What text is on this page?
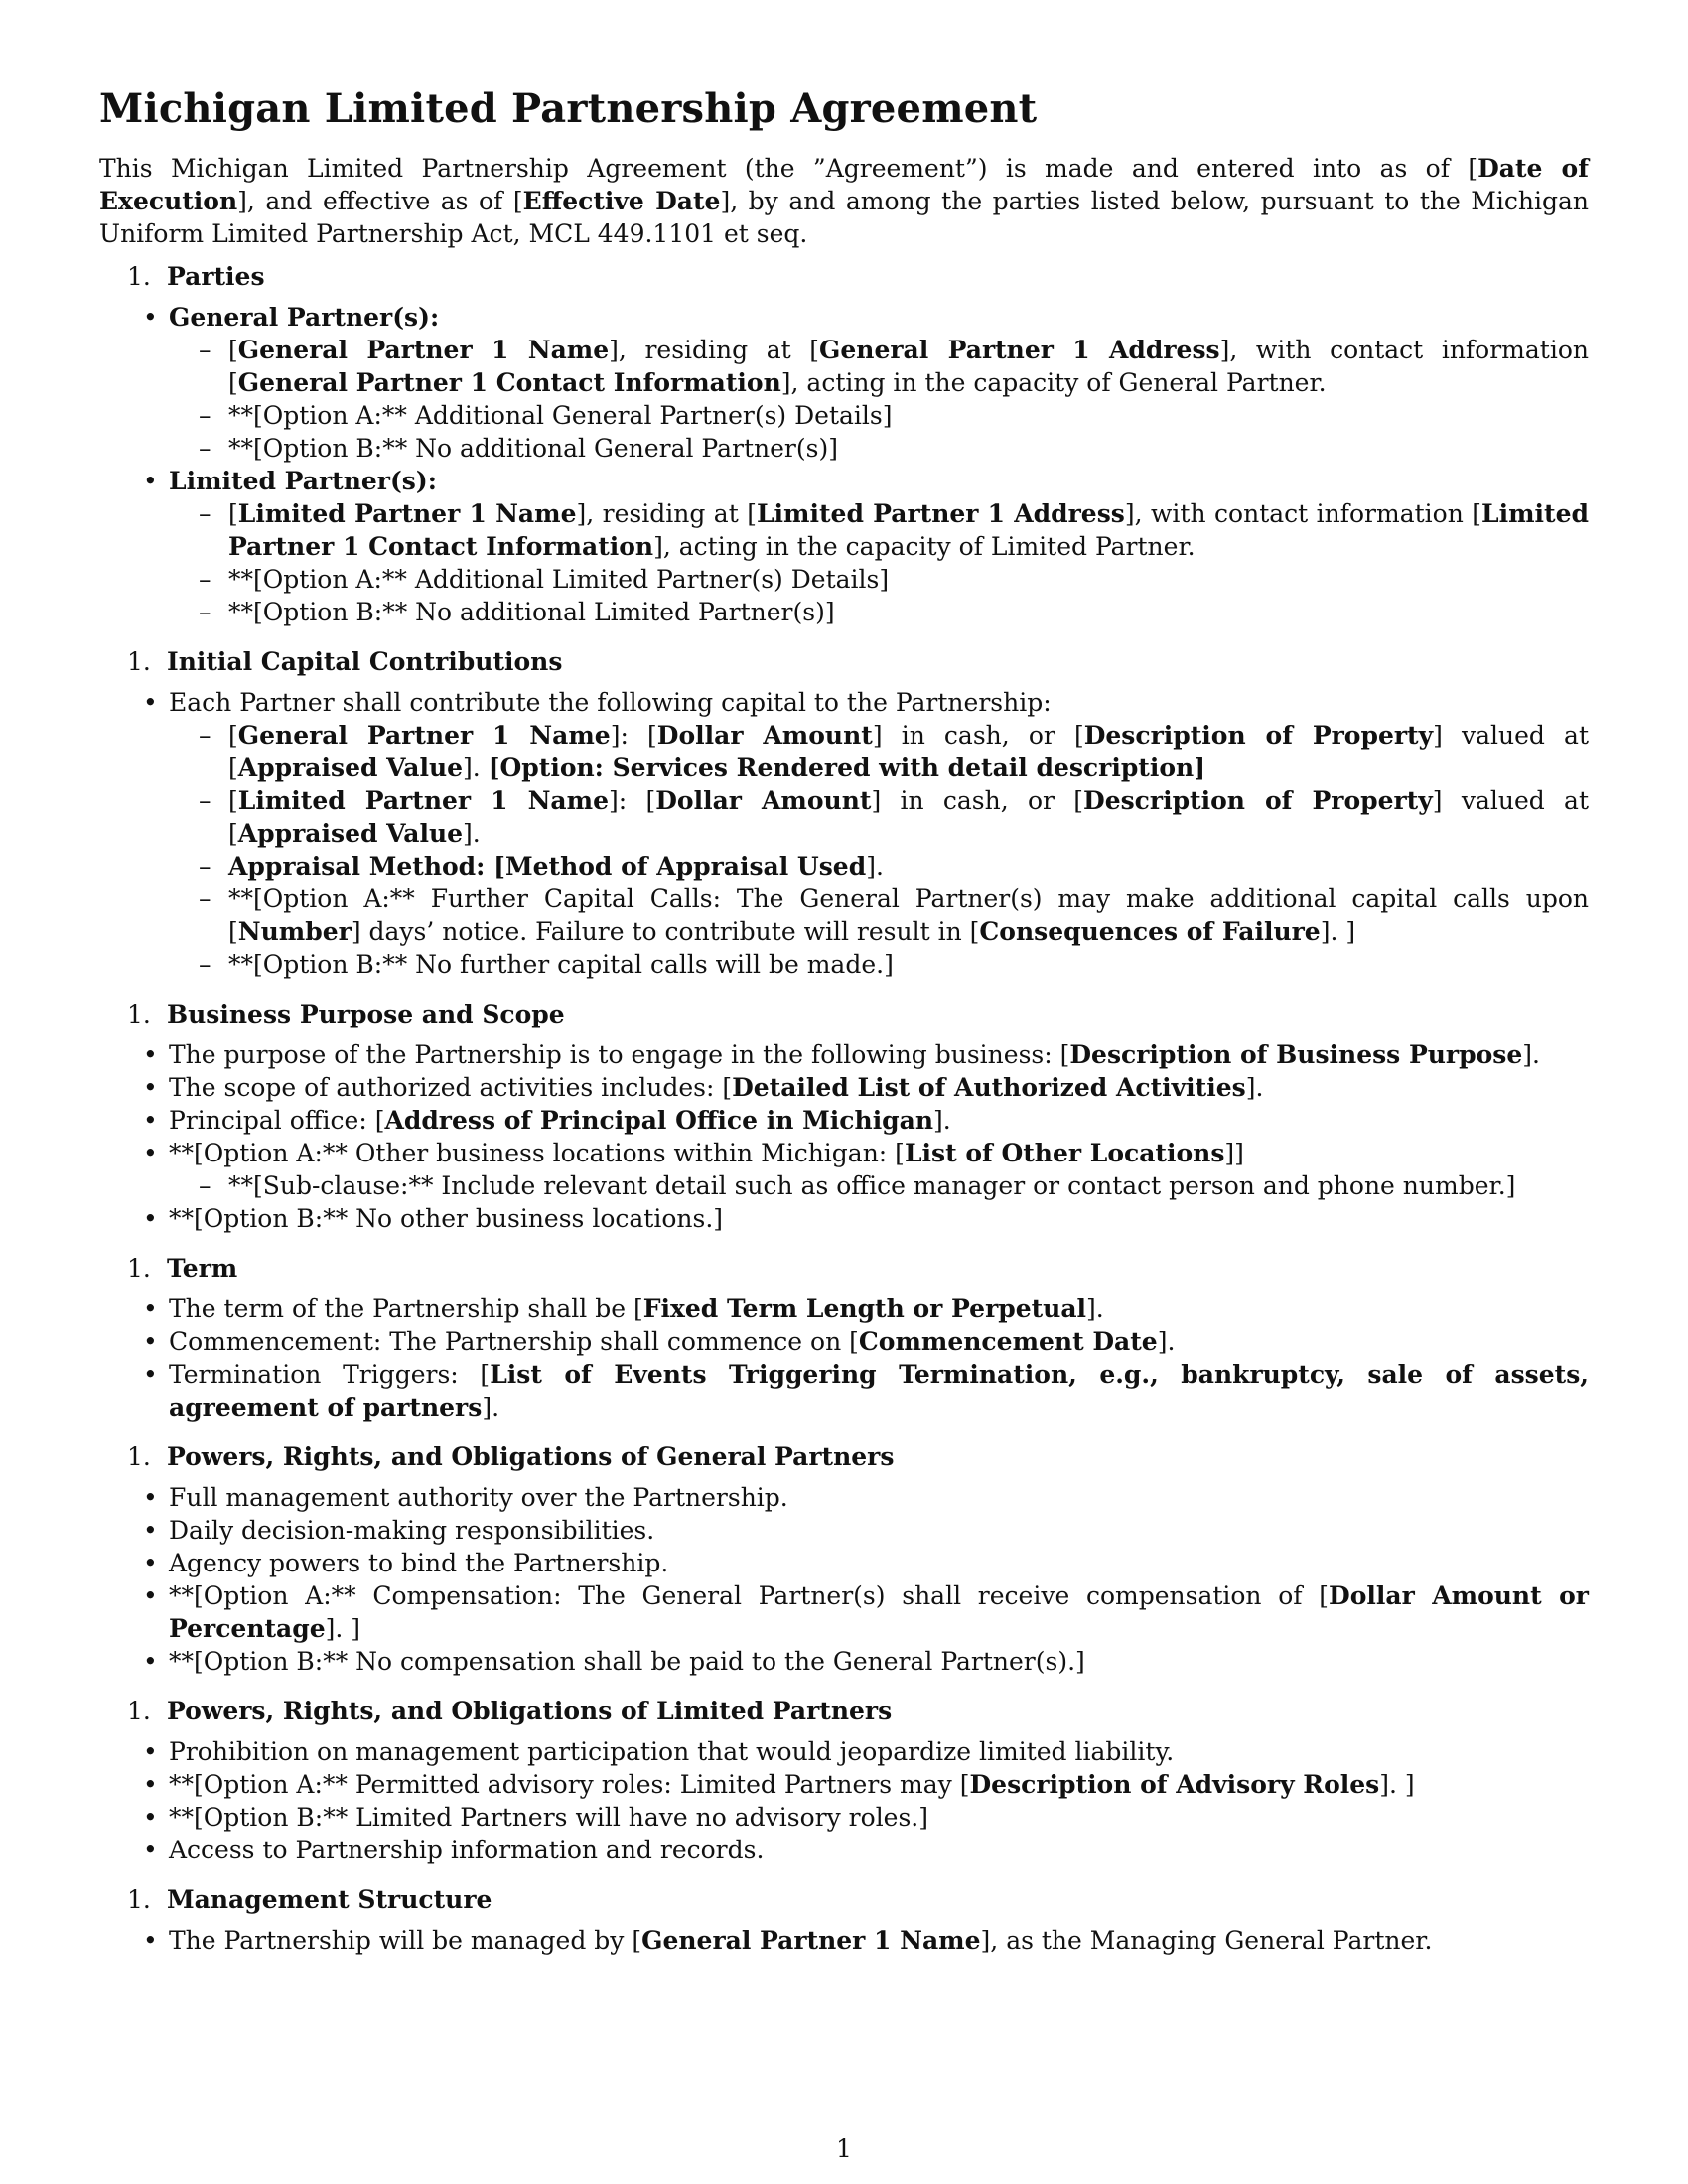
Michigan Limited Partnership Agreement

This Michigan Limited Partnership Agreement (the ”Agreement”) is made and entered into as of [Date of Execution], and effective as of [Effective Date], by and among the parties listed below, pursuant to the Michigan Uniform Limited Partnership Act, MCL 449.1101 et seq.

1. Parties
• General Partner(s):
– [General Partner 1 Name], residing at [General Partner 1 Address], with contact information [General Partner 1 Contact Information], acting in the capacity of General Partner.
– **[Option A:** Additional General Partner(s) Details]
– **[Option B:** No additional General Partner(s)]
• Limited Partner(s):
– [Limited Partner 1 Name], residing at [Limited Partner 1 Address], with contact information [Limited Partner 1 Contact Information], acting in the capacity of Limited Partner.
– **[Option A:** Additional Limited Partner(s) Details]
– **[Option B:** No additional Limited Partner(s)]
1. Initial Capital Contributions
• Each Partner shall contribute the following capital to the Partnership:
– [General Partner 1 Name]: [Dollar Amount] in cash, or [Description of Property] valued at [Appraised Value]. [Option: Services Rendered with detail description]
– [Limited Partner 1 Name]: [Dollar Amount] in cash, or [Description of Property] valued at [Appraised Value].
– Appraisal Method: [Method of Appraisal Used].
– **[Option A:** Further Capital Calls: The General Partner(s) may make additional capital calls upon [Number] days’ notice. Failure to contribute will result in [Consequences of Failure]. ]
– **[Option B:** No further capital calls will be made.]
1. Business Purpose and Scope
• The purpose of the Partnership is to engage in the following business: [Description of Business Purpose].
• The scope of authorized activities includes: [Detailed List of Authorized Activities].
• Principal office: [Address of Principal Office in Michigan].
• **[Option A:** Other business locations within Michigan: [List of Other Locations]]
– **[Sub-clause:** Include relevant detail such as office manager or contact person and phone number.]
• **[Option B:** No other business locations.]
1. Term
• The term of the Partnership shall be [Fixed Term Length or Perpetual].
• Commencement: The Partnership shall commence on [Commencement Date].
• Termination Triggers: [List of Events Triggering Termination, e.g., bankruptcy, sale of assets, agreement of partners].
1. Powers, Rights, and Obligations of General Partners
• Full management authority over the Partnership.
• Daily decision-making responsibilities.
• Agency powers to bind the Partnership.
• **[Option A:** Compensation: The General Partner(s) shall receive compensation of [Dollar Amount or Percentage]. ]
• **[Option B:** No compensation shall be paid to the General Partner(s).]
1. Powers, Rights, and Obligations of Limited Partners
• Prohibition on management participation that would jeopardize limited liability.
• **[Option A:** Permitted advisory roles: Limited Partners may [Description of Advisory Roles]. ]
• **[Option B:** Limited Partners will have no advisory roles.]
• Access to Partnership information and records.
1. Management Structure
• The Partnership will be managed by [General Partner 1 Name], as the Managing General Partner.
1
